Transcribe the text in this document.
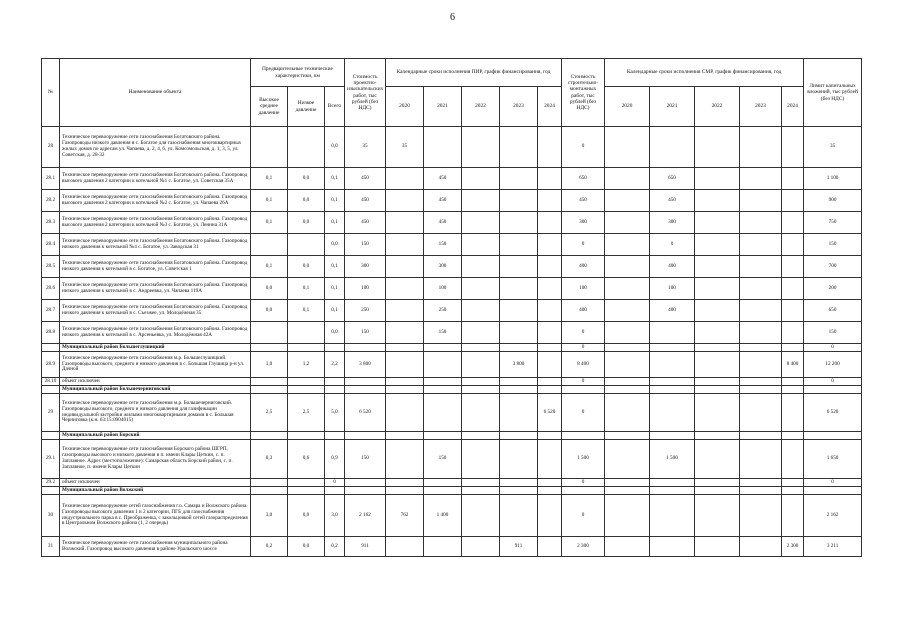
6
№	Наименование объекта	Предварительные технические характеристики, км			Стоимость проектно-изыскательских работ, тыс рублей (без НДС)	Календарные сроки исполнения ПИР, график финансирования, год					Стоимость строительно-монтажных работ, тыс рублей (без НДС)	Календарные сроки исполнения СМР, график финансирования, год					Лимит капитальных вложений, тыс рублей (без НДС)
		Высокое среднее давление	Низкое давление	Всего		2020	2021	2022	2023	2024		2020	2021	2022	2023	2024	
28	Техническое перевооружение сети газоснабжения Богатовского района. Газопроводы низкого давления в с. Богатое для газоснабжения многоквартирных жилых домов по адресам ул. Чапаева, д. 2, 4, 6, ул. Комсомольская, д. 1, 3, 5, ул. Советская, д. 28-32			0,0	35	35					0						35
28.1	Техническое перевооружение сети газоснабжения Богатовского района. Газопровод высокого давления 2 категории к котельной №1 с. Богатое, ул. Советская 35А	0,1	0,0	0,1	450		450				650		650				1 100
28.2	Техническое перевооружение сети газоснабжения Богатовского района. Газопровод высокого давления 2 категории к котельной №2 с. Богатое, ул. Чапаева 26А	0,1	0,0	0,1	450		450				450		450				900
28.3	Техническое перевооружение сети газоснабжения Богатовского района. Газопровод высокого давления 2 категории к котельной №3 с. Богатое, ул. Ленина 31А	0,1	0,0	0,1	450		450				300		300				750
28.4	Техническое перевооружение сети газоснабжения Богатовского района. Газопровод низкого давления к котельной №4 с. Богатое, ул. Заводская 31			0,0	150		150				0		0				150
28.5	Техническое перевооружение сети газоснабжения Богатовского района. Газопровод низкого давления к котельной в с. Богатое, ул. Советская 1	0,1	0,0	0,1	300		300				400		400				700
28.6	Техническое перевооружение сети газоснабжения Богатовского района. Газопровод низкого давления к котельной в с. Андреевка, ул. Чапаева 119А	0,0	0,1	0,1	100		100				100		100				200
28.7	Техническое перевооружение сети газоснабжения Богатовского района. Газопровод низкого давления к котельной в с. Съезжее, ул. Молодёжная 35	0,0	0,1	0,1	250		250				400		400				650
28.8	Техническое перевооружение сети газоснабжения Богатовского района. Газопровод низкого давления к котельной в с. Арсеньевка, ул. Молодёжная 42А			0,0	150		150				0						150
	Муниципальный район Большеглушицкий										0						0
28.9	Техническое перевооружение сети газоснабжения м.р. Большеглушицкий. Газопроводы высокого, среднего и низкого давления в с. Большая Глушица р-н ул. Дачной	1,0	1,2	2,2	3 800				3 800		8 400					8 400	12 200
28.10	объект исключен										0						0
	Муниципальный район Большечерниговский																
29	Техническое перевооружение сети газоснабжения м.р. Большечерниговский. Газопроводы высокого, среднего и низкого давления для газификации индивидуальной застройки жилыми многоквартирными домами в с. Большая Черниговка (к.н. 63:15:0904015)	2,5	2,5	5,0	6 520					6 520	0						6 520
	Муниципальный район Борский																
29.1	Техническое перевооружение сети газоснабжения Борского района ШГРП, газопроводы высокого и низкого давления в п. имени Клары Цеткин, с. п. Заплавное. Адрес (местоположение): Самарская область Борский район, с. п. Заплавное, п. имени Клары Цеткин	0,3	0,6	0,9	150		150				1 500		1 500				1 650
29.2	объект исключен			0							0						0
	Муниципальный район Волжский																
30	Техническое перевооружение сетей газоснабжения г.о. Самара и Волжского района. Газопроводы высокого давления 1 и 2 категории, ПГБ для газоснабжения индустриального парка в с. Преображенка, с закольцовкой сетей газораспределения в Центральном Волжского района (1, 2 очередь)	3,0	0,0	3,0	2 162	762	1 400				0						2 162
31	Техническое перевооружение сети газоснабжения муниципального района Волжский. Газопровод высокого давления в районе Уральского шоссе	0,2	0,0	0,2	911				911		2 300					2 300	3 211
